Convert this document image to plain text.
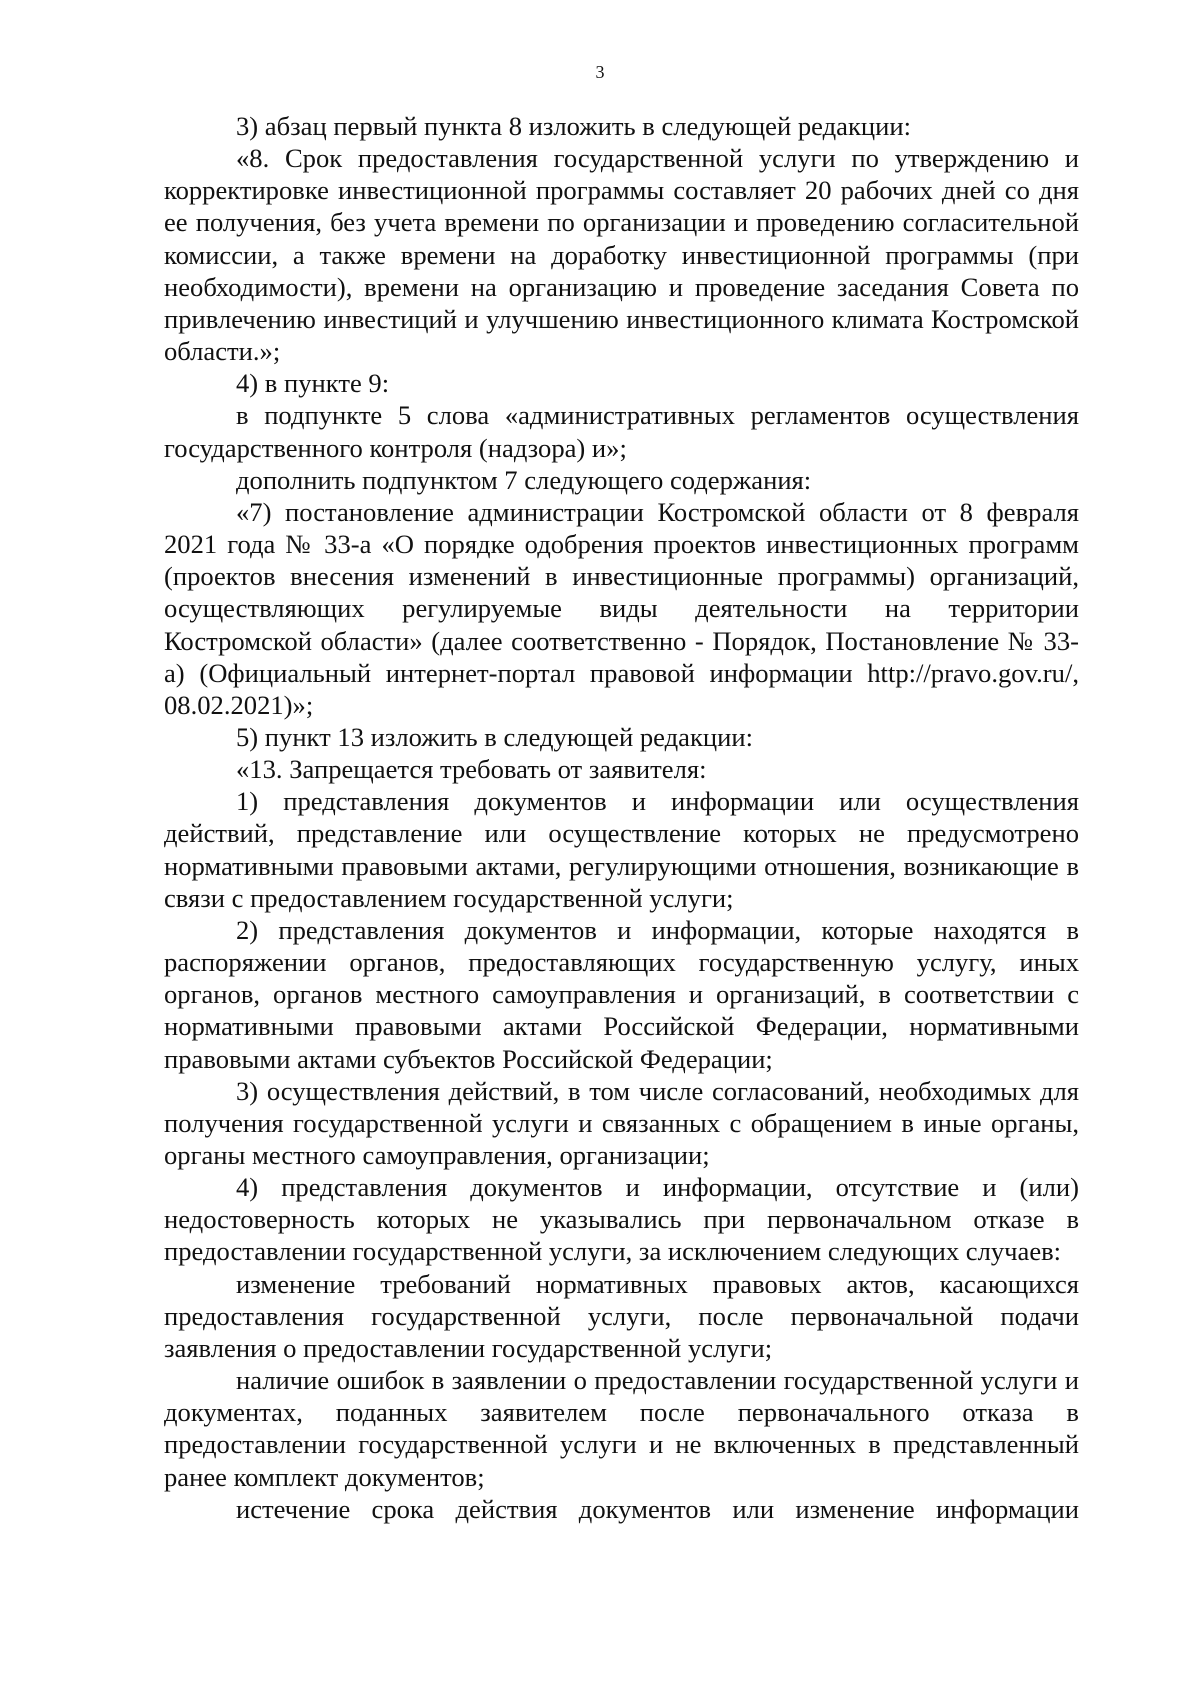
3

3) абзац первый пункта 8 изложить в следующей редакции:

«8. Срок предоставления государственной услуги по утверждению и корректировке инвестиционной программы составляет 20 рабочих дней со дня ее получения, без учета времени по организации и проведению согласительной комиссии, а также времени на доработку инвестиционной программы (при необходимости), времени на организацию и проведение заседания Совета по привлечению инвестиций и улучшению инвестиционного климата Костромской области.»;

4) в пункте 9:

в подпункте 5 слова «административных регламентов осуществления государственного контроля (надзора) и»;

дополнить подпунктом 7 следующего содержания:

«7) постановление администрации Костромской области от 8 февраля 2021 года № 33-а «О порядке одобрения проектов инвестиционных программ (проектов внесения изменений в инвестиционные программы) организаций, осуществляющих регулируемые виды деятельности на территории Костромской области» (далее соответственно - Порядок, Постановление № 33-а) (Официальный интернет-портал правовой информации http://pravo.gov.ru/, 08.02.2021)»;

5) пункт 13 изложить в следующей редакции:

«13. Запрещается требовать от заявителя:

1) представления документов и информации или осуществления действий, представление или осуществление которых не предусмотрено нормативными правовыми актами, регулирующими отношения, возникающие в связи с предоставлением государственной услуги;

2) представления документов и информации, которые находятся в распоряжении органов, предоставляющих государственную услугу, иных органов, органов местного самоуправления и организаций, в соответствии с нормативными правовыми актами Российской Федерации, нормативными правовыми актами субъектов Российской Федерации;

3) осуществления действий, в том числе согласований, необходимых для получения государственной услуги и связанных с обращением в иные органы, органы местного самоуправления, организации;

4) представления документов и информации, отсутствие и (или) недостоверность которых не указывались при первоначальном отказе в предоставлении государственной услуги, за исключением следующих случаев:

изменение требований нормативных правовых актов, касающихся предоставления государственной услуги, после первоначальной подачи заявления о предоставлении государственной услуги;

наличие ошибок в заявлении о предоставлении государственной услуги и документах, поданных заявителем после первоначального отказа в предоставлении государственной услуги и не включенных в представленный ранее комплект документов;

истечение срока действия документов или изменение информации
